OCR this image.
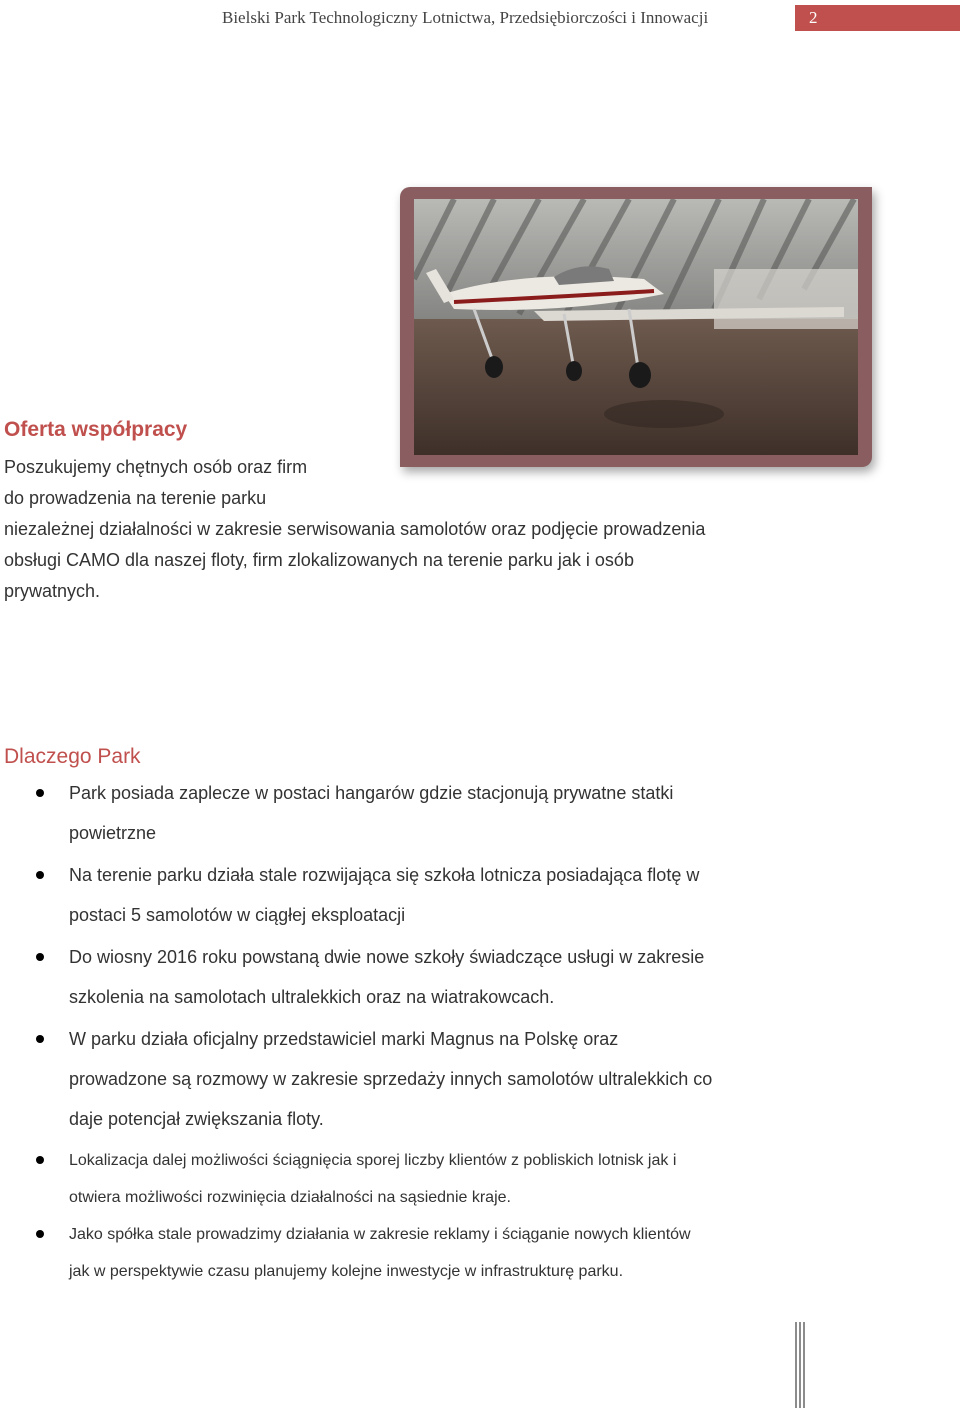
Bielski Park Technologiczny Lotnictwa, Przedsiębiorczości i Innowacji	2
Oferta współpracy
Poszukujemy chętnych osób oraz firm
do prowadzenia na terenie parku
niezależnej działalności w zakresie serwisowania samolotów oraz podjęcie prowadzenia
obsługi CAMO dla naszej floty, firm zlokalizowanych na terenie parku jak i osób
prywatnych.
Dlaczego Park
Park posiada zaplecze w postaci hangarów gdzie stacjonują prywatne statki
powietrzne
Na terenie parku działa stale rozwijająca się szkoła lotnicza posiadająca flotę w
postaci 5 samolotów w ciągłej eksploatacji
Do wiosny 2016 roku powstaną dwie nowe szkoły świadczące usługi w zakresie
szkolenia na samolotach ultralekkich oraz na wiatrakowcach.
W parku działa oficjalny przedstawiciel marki Magnus na Polskę oraz
prowadzone są rozmowy w zakresie sprzedaży innych samolotów ultralekkich co
daje potencjał zwiększania floty.
Lokalizacja dalej możliwości ściągnięcia sporej liczby klientów z pobliskich lotnisk jak i
otwiera możliwości rozwinięcia działalności na sąsiednie kraje.
Jako spółka stale prowadzimy działania w zakresie reklamy i ściąganie nowych klientów
jak w perspektywie czasu planujemy kolejne inwestycje w infrastrukturę parku.
